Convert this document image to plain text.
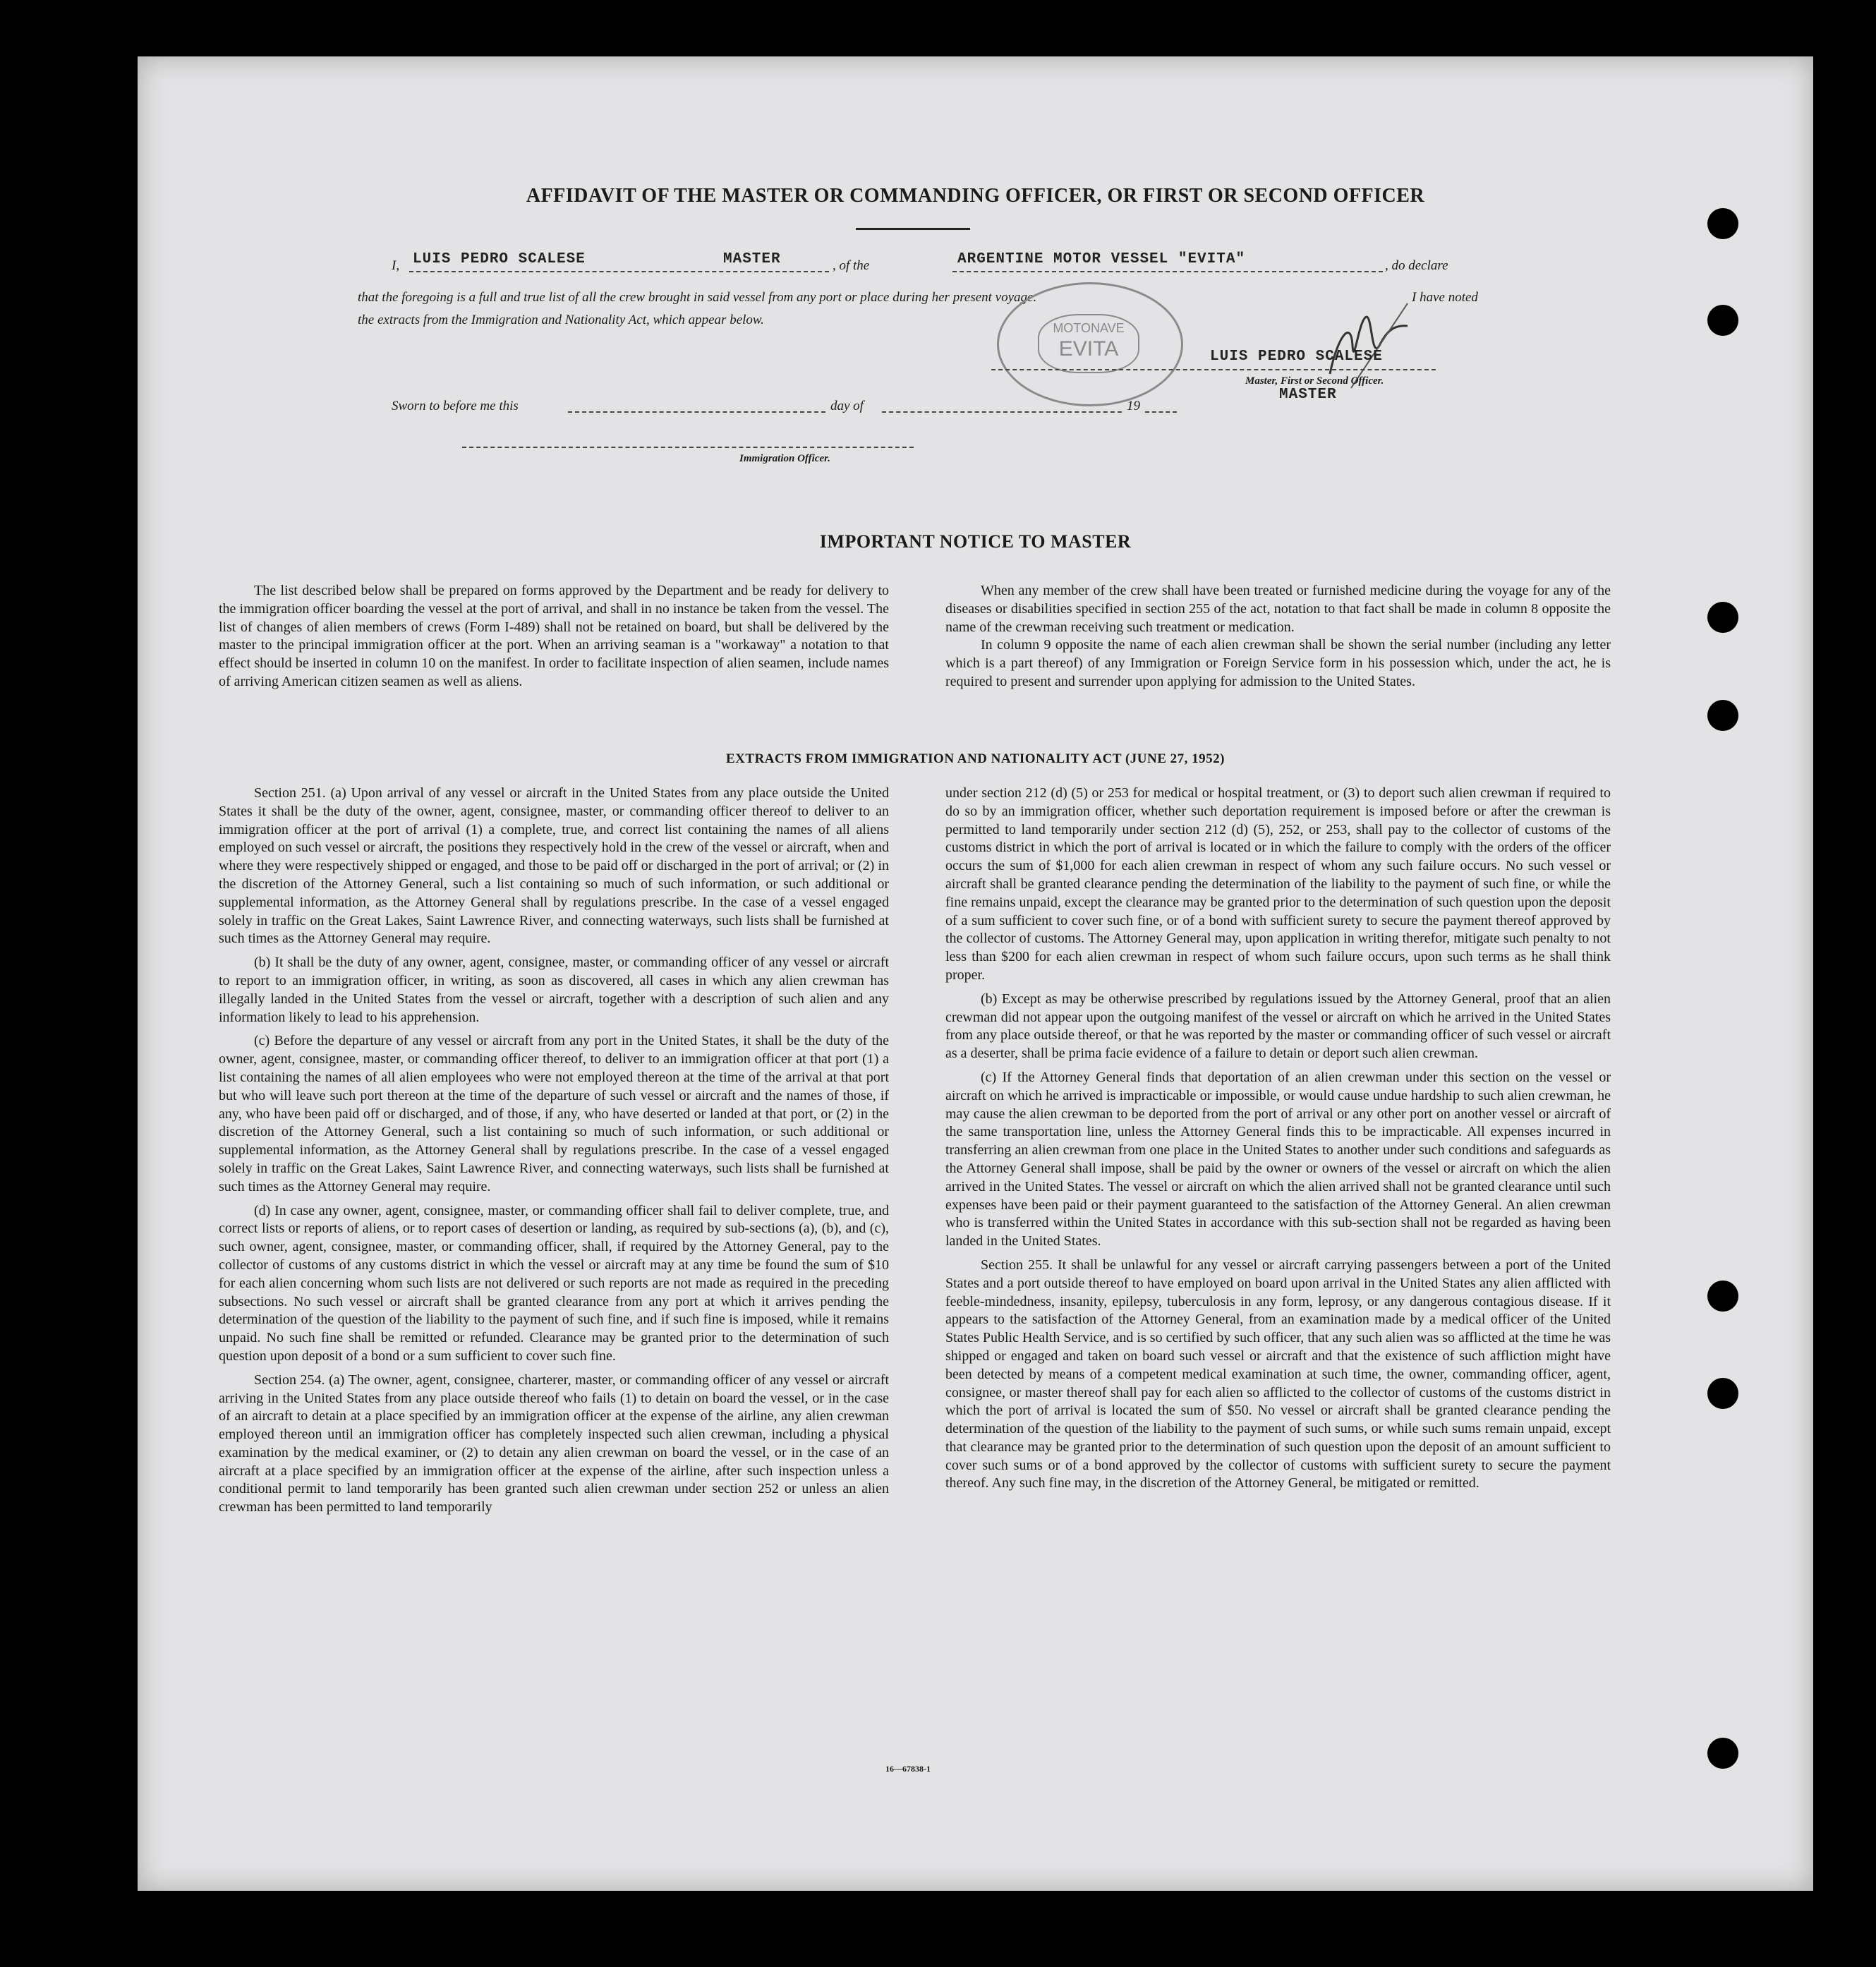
AFFIDAVIT OF THE MASTER OR COMMANDING OFFICER, OR FIRST OR SECOND OFFICER
I, LUIS PEDRO SCALESE	MASTER	, of the	ARGENTINE MOTOR VESSEL "EVITA"	, do declare
that the foregoing is a full and true list of all the crew brought in said vessel from any port or place during her present voyage.	I have noted
the extracts from the Immigration and Nationality Act, which appear below.
MOTONAVE
EVITA	LUIS PEDRO SCALESE
Master, First or Second Officer.
MASTER
Sworn to before me this	day of	19
Immigration Officer.
IMPORTANT NOTICE TO MASTER

The list described below shall be prepared on forms approved by the Department and be ready for delivery to the immigration officer boarding the vessel at the port of arrival, and shall in no instance be taken from the vessel. The list of changes of alien members of crews (Form I-489) shall not be retained on board, but shall be delivered by the master to the principal immigration officer at the port. When an arriving seaman is a "workaway" a notation to that effect should be inserted in column 10 on the manifest. In order to facilitate inspection of alien seamen, include names of arriving American citizen seamen as well as aliens.

When any member of the crew shall have been treated or furnished medicine during the voyage for any of the diseases or disabilities specified in section 255 of the act, notation to that fact shall be made in column 8 opposite the name of the crewman receiving such treatment or medication.

In column 9 opposite the name of each alien crewman shall be shown the serial number (including any letter which is a part thereof) of any Immigration or Foreign Service form in his possession which, under the act, he is required to present and surrender upon applying for admission to the United States.

EXTRACTS FROM IMMIGRATION AND NATIONALITY ACT (JUNE 27, 1952)

Section 251. (a) Upon arrival of any vessel or aircraft in the United States from any place outside the United States it shall be the duty of the owner, agent, consignee, master, or commanding officer thereof to deliver to an immigration officer at the port of arrival (1) a complete, true, and correct list containing the names of all aliens employed on such vessel or aircraft, the positions they respectively hold in the crew of the vessel or aircraft, when and where they were respectively shipped or engaged, and those to be paid off or discharged in the port of arrival; or (2) in the discretion of the Attorney General, such a list containing so much of such information, or such additional or supplemental information, as the Attorney General shall by regulations prescribe. In the case of a vessel engaged solely in traffic on the Great Lakes, Saint Lawrence River, and connecting waterways, such lists shall be furnished at such times as the Attorney General may require.

(b) It shall be the duty of any owner, agent, consignee, master, or commanding officer of any vessel or aircraft to report to an immigration officer, in writing, as soon as discovered, all cases in which any alien crewman has illegally landed in the United States from the vessel or aircraft, together with a description of such alien and any information likely to lead to his apprehension.

(c) Before the departure of any vessel or aircraft from any port in the United States, it shall be the duty of the owner, agent, consignee, master, or commanding officer thereof, to deliver to an immigration officer at that port (1) a list containing the names of all alien employees who were not employed thereon at the time of the arrival at that port but who will leave such port thereon at the time of the departure of such vessel or aircraft and the names of those, if any, who have been paid off or discharged, and of those, if any, who have deserted or landed at that port, or (2) in the discretion of the Attorney General, such a list containing so much of such information, or such additional or supplemental information, as the Attorney General shall by regulations prescribe. In the case of a vessel engaged solely in traffic on the Great Lakes, Saint Lawrence River, and connecting waterways, such lists shall be furnished at such times as the Attorney General may require.

(d) In case any owner, agent, consignee, master, or commanding officer shall fail to deliver complete, true, and correct lists or reports of aliens, or to report cases of desertion or landing, as required by sub-sections (a), (b), and (c), such owner, agent, consignee, master, or commanding officer, shall, if required by the Attorney General, pay to the collector of customs of any customs district in which the vessel or aircraft may at any time be found the sum of $10 for each alien concerning whom such lists are not delivered or such reports are not made as required in the preceding subsections. No such vessel or aircraft shall be granted clearance from any port at which it arrives pending the determination of the question of the liability to the payment of such fine, and if such fine is imposed, while it remains unpaid. No such fine shall be remitted or refunded. Clearance may be granted prior to the determination of such question upon deposit of a bond or a sum sufficient to cover such fine.

Section 254. (a) The owner, agent, consignee, charterer, master, or commanding officer of any vessel or aircraft arriving in the United States from any place outside thereof who fails (1) to detain on board the vessel, or in the case of an aircraft to detain at a place specified by an immigration officer at the expense of the airline, any alien crewman employed thereon until an immigration officer has completely inspected such alien crewman, including a physical examination by the medical examiner, or (2) to detain any alien crewman on board the vessel, or in the case of an aircraft at a place specified by an immigration officer at the expense of the airline, after such inspection unless a conditional permit to land temporarily has been granted such alien crewman under section 252 or unless an alien crewman has been permitted to land temporarily

under section 212 (d) (5) or 253 for medical or hospital treatment, or (3) to deport such alien crewman if required to do so by an immigration officer, whether such deportation requirement is imposed before or after the crewman is permitted to land temporarily under section 212 (d) (5), 252, or 253, shall pay to the collector of customs of the customs district in which the port of arrival is located or in which the failure to comply with the orders of the officer occurs the sum of $1,000 for each alien crewman in respect of whom any such failure occurs. No such vessel or aircraft shall be granted clearance pending the determination of the liability to the payment of such fine, or while the fine remains unpaid, except the clearance may be granted prior to the determination of such question upon the deposit of a sum sufficient to cover such fine, or of a bond with sufficient surety to secure the payment thereof approved by the collector of customs. The Attorney General may, upon application in writing therefor, mitigate such penalty to not less than $200 for each alien crewman in respect of whom such failure occurs, upon such terms as he shall think proper.

(b) Except as may be otherwise prescribed by regulations issued by the Attorney General, proof that an alien crewman did not appear upon the outgoing manifest of the vessel or aircraft on which he arrived in the United States from any place outside thereof, or that he was reported by the master or commanding officer of such vessel or aircraft as a deserter, shall be prima facie evidence of a failure to detain or deport such alien crewman.

(c) If the Attorney General finds that deportation of an alien crewman under this section on the vessel or aircraft on which he arrived is impracticable or impossible, or would cause undue hardship to such alien crewman, he may cause the alien crewman to be deported from the port of arrival or any other port on another vessel or aircraft of the same transportation line, unless the Attorney General finds this to be impracticable. All expenses incurred in transferring an alien crewman from one place in the United States to another under such conditions and safeguards as the Attorney General shall impose, shall be paid by the owner or owners of the vessel or aircraft on which the alien arrived in the United States. The vessel or aircraft on which the alien arrived shall not be granted clearance until such expenses have been paid or their payment guaranteed to the satisfaction of the Attorney General. An alien crewman who is transferred within the United States in accordance with this sub-section shall not be regarded as having been landed in the United States.

Section 255. It shall be unlawful for any vessel or aircraft carrying passengers between a port of the United States and a port outside thereof to have employed on board upon arrival in the United States any alien afflicted with feeble-mindedness, insanity, epilepsy, tuberculosis in any form, leprosy, or any dangerous contagious disease. If it appears to the satisfaction of the Attorney General, from an examination made by a medical officer of the United States Public Health Service, and is so certified by such officer, that any such alien was so afflicted at the time he was shipped or engaged and taken on board such vessel or aircraft and that the existence of such affliction might have been detected by means of a competent medical examination at such time, the owner, commanding officer, agent, consignee, or master thereof shall pay for each alien so afflicted to the collector of customs of the customs district in which the port of arrival is located the sum of $50. No vessel or aircraft shall be granted clearance pending the determination of the question of the liability to the payment of such sums, or while such sums remain unpaid, except that clearance may be granted prior to the determination of such question upon the deposit of an amount sufficient to cover such sums or of a bond approved by the collector of customs with sufficient surety to secure the payment thereof. Any such fine may, in the discretion of the Attorney General, be mitigated or remitted.

16—67838-1
